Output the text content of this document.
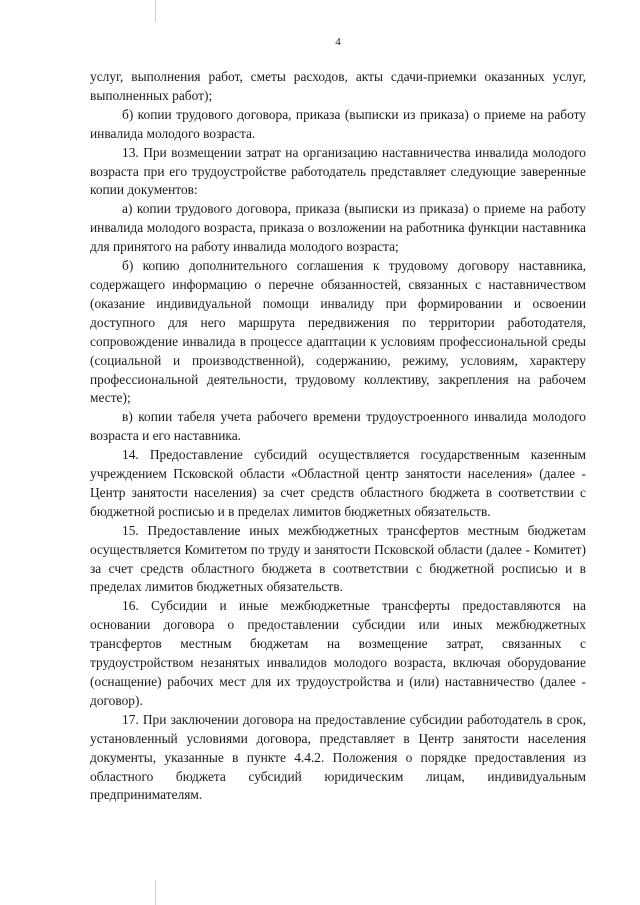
4

услуг, выполнения работ, сметы расходов, акты сдачи-приемки оказанных услуг, выполненных работ);

б) копии трудового договора, приказа (выписки из приказа) о приеме на работу инвалида молодого возраста.

13. При возмещении затрат на организацию наставничества инвалида молодого возраста при его трудоустройстве работодатель представляет следующие заверенные копии документов:

а) копии трудового договора, приказа (выписки из приказа) о приеме на работу инвалида молодого возраста, приказа о возложении на работника функции наставника для принятого на работу инвалида молодого возраста;

б) копию дополнительного соглашения к трудовому договору наставника, содержащего информацию о перечне обязанностей, связанных с наставничеством (оказание индивидуальной помощи инвалиду при формировании и освоении доступного для него маршрута передвижения по территории работодателя, сопровождение инвалида в процессе адаптации к условиям профессиональной среды (социальной и производственной), содержанию, режиму, условиям, характеру профессиональной деятельности, трудовому коллективу, закрепления на рабочем месте);

в) копии табеля учета рабочего времени трудоустроенного инвалида молодого возраста и его наставника.

14. Предоставление субсидий осуществляется государственным казенным учреждением Псковской области «Областной центр занятости населения» (далее - Центр занятости населения) за счет средств областного бюджета в соответствии с бюджетной росписью и в пределах лимитов бюджетных обязательств.

15. Предоставление иных межбюджетных трансфертов местным бюджетам осуществляется Комитетом по труду и занятости Псковской области (далее - Комитет) за счет средств областного бюджета в соответствии с бюджетной росписью и в пределах лимитов бюджетных обязательств.

16. Субсидии и иные межбюджетные трансферты предоставляются на основании договора о предоставлении субсидии или иных межбюджетных трансфертов местным бюджетам на возмещение затрат, связанных с трудоустройством незанятых инвалидов молодого возраста, включая оборудование (оснащение) рабочих мест для их трудоустройства и (или) наставничество (далее - договор).

17. При заключении договора на предоставление субсидии работодатель в срок, установленный условиями договора, представляет в Центр занятости населения документы, указанные в пункте 4.4.2. Положения о порядке предоставления из областного бюджета субсидий юридическим лицам, индивидуальным предпринимателям.
